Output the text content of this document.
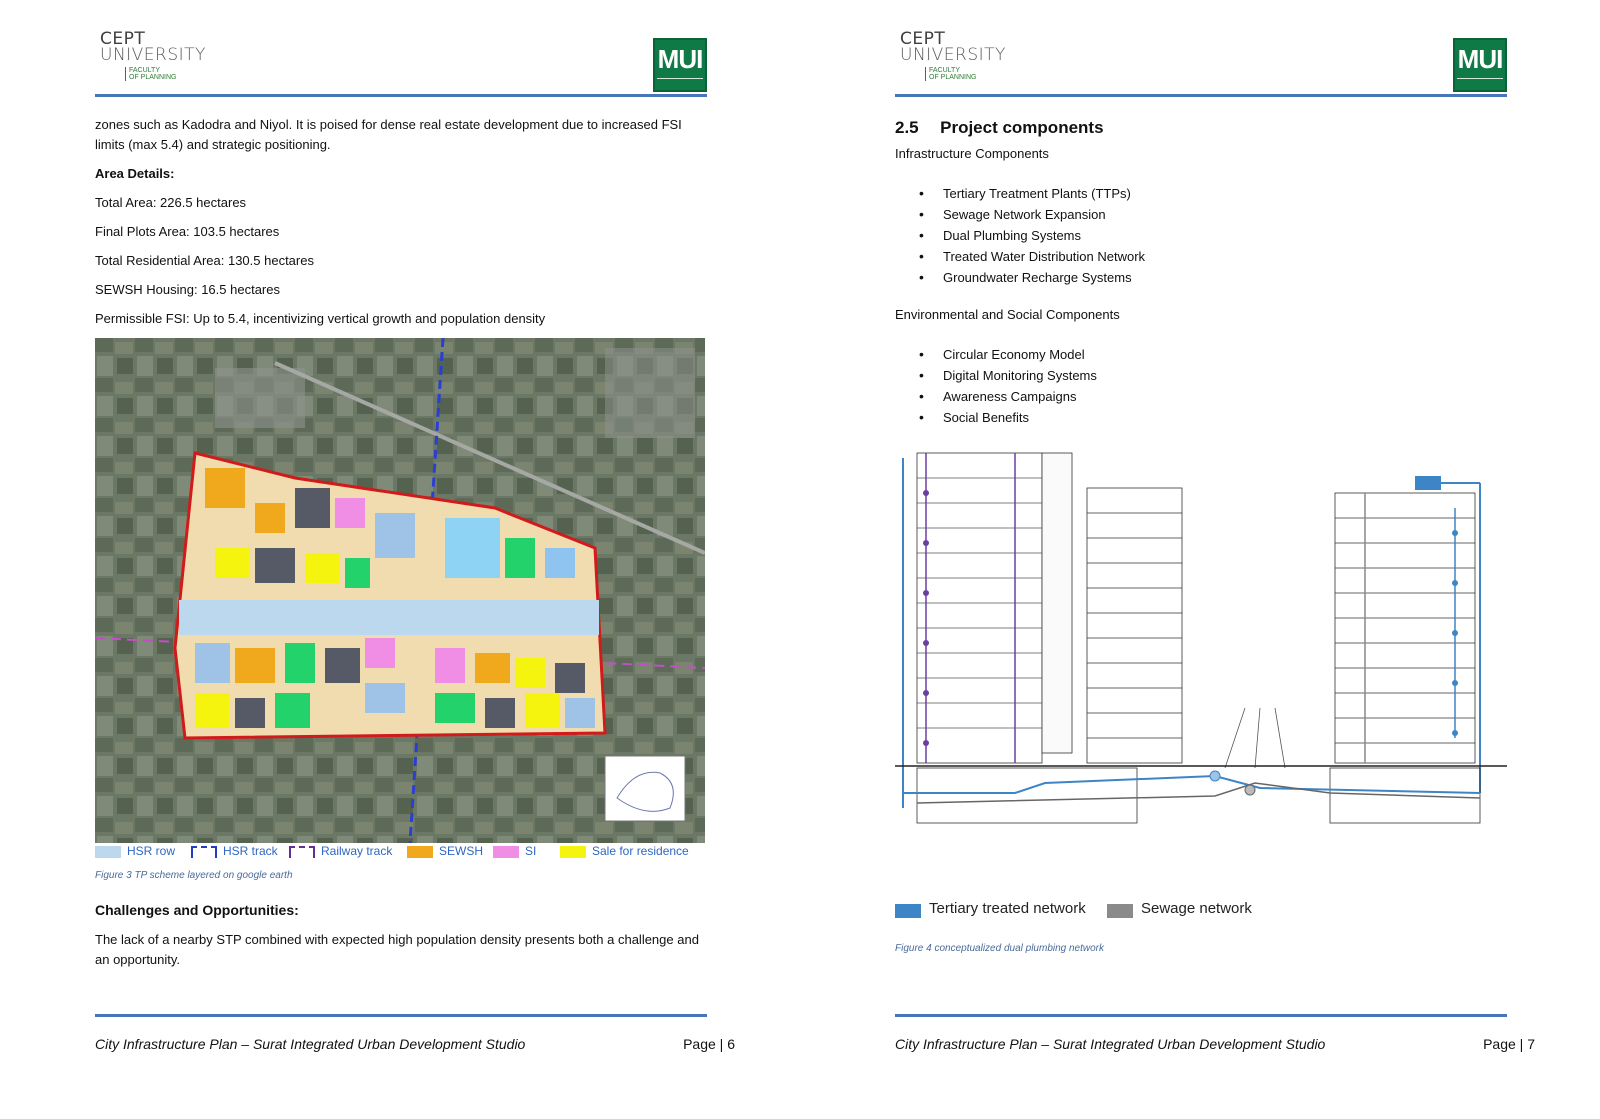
CEPT
UNIVERSITY
FACULTY
OF PLANNING
MUI
zones such as Kadodra and Niyol. It is poised for dense real estate development due to increased FSI limits (max 5.4) and strategic positioning.
Area Details:
Total Area: 226.5 hectares
Final Plots Area: 103.5 hectares
Total Residential Area: 130.5 hectares
SEWSH Housing: 16.5 hectares
Permissible FSI: Up to 5.4, incentivizing vertical growth and population density
HSR row	HSR track	Railway track	SEWSH	SI	Sale for residence
Figure 3 TP scheme layered on google earth
Challenges and Opportunities:
The lack of a nearby STP combined with expected high population density presents both a challenge and an opportunity.
City Infrastructure Plan – Surat Integrated Urban Development Studio	Page | 6
CEPT
UNIVERSITY
FACULTY
OF PLANNING
MUI
2.5 Project components
Infrastructure Components
• Tertiary Treatment Plants (TTPs)
• Sewage Network Expansion
• Dual Plumbing Systems
• Treated Water Distribution Network
• Groundwater Recharge Systems
Environmental and Social Components
• Circular Economy Model
• Digital Monitoring Systems
• Awareness Campaigns
• Social Benefits
Tertiary treated network	Sewage network
Figure 4 conceptualized dual plumbing network
City Infrastructure Plan – Surat Integrated Urban Development Studio	Page | 7
